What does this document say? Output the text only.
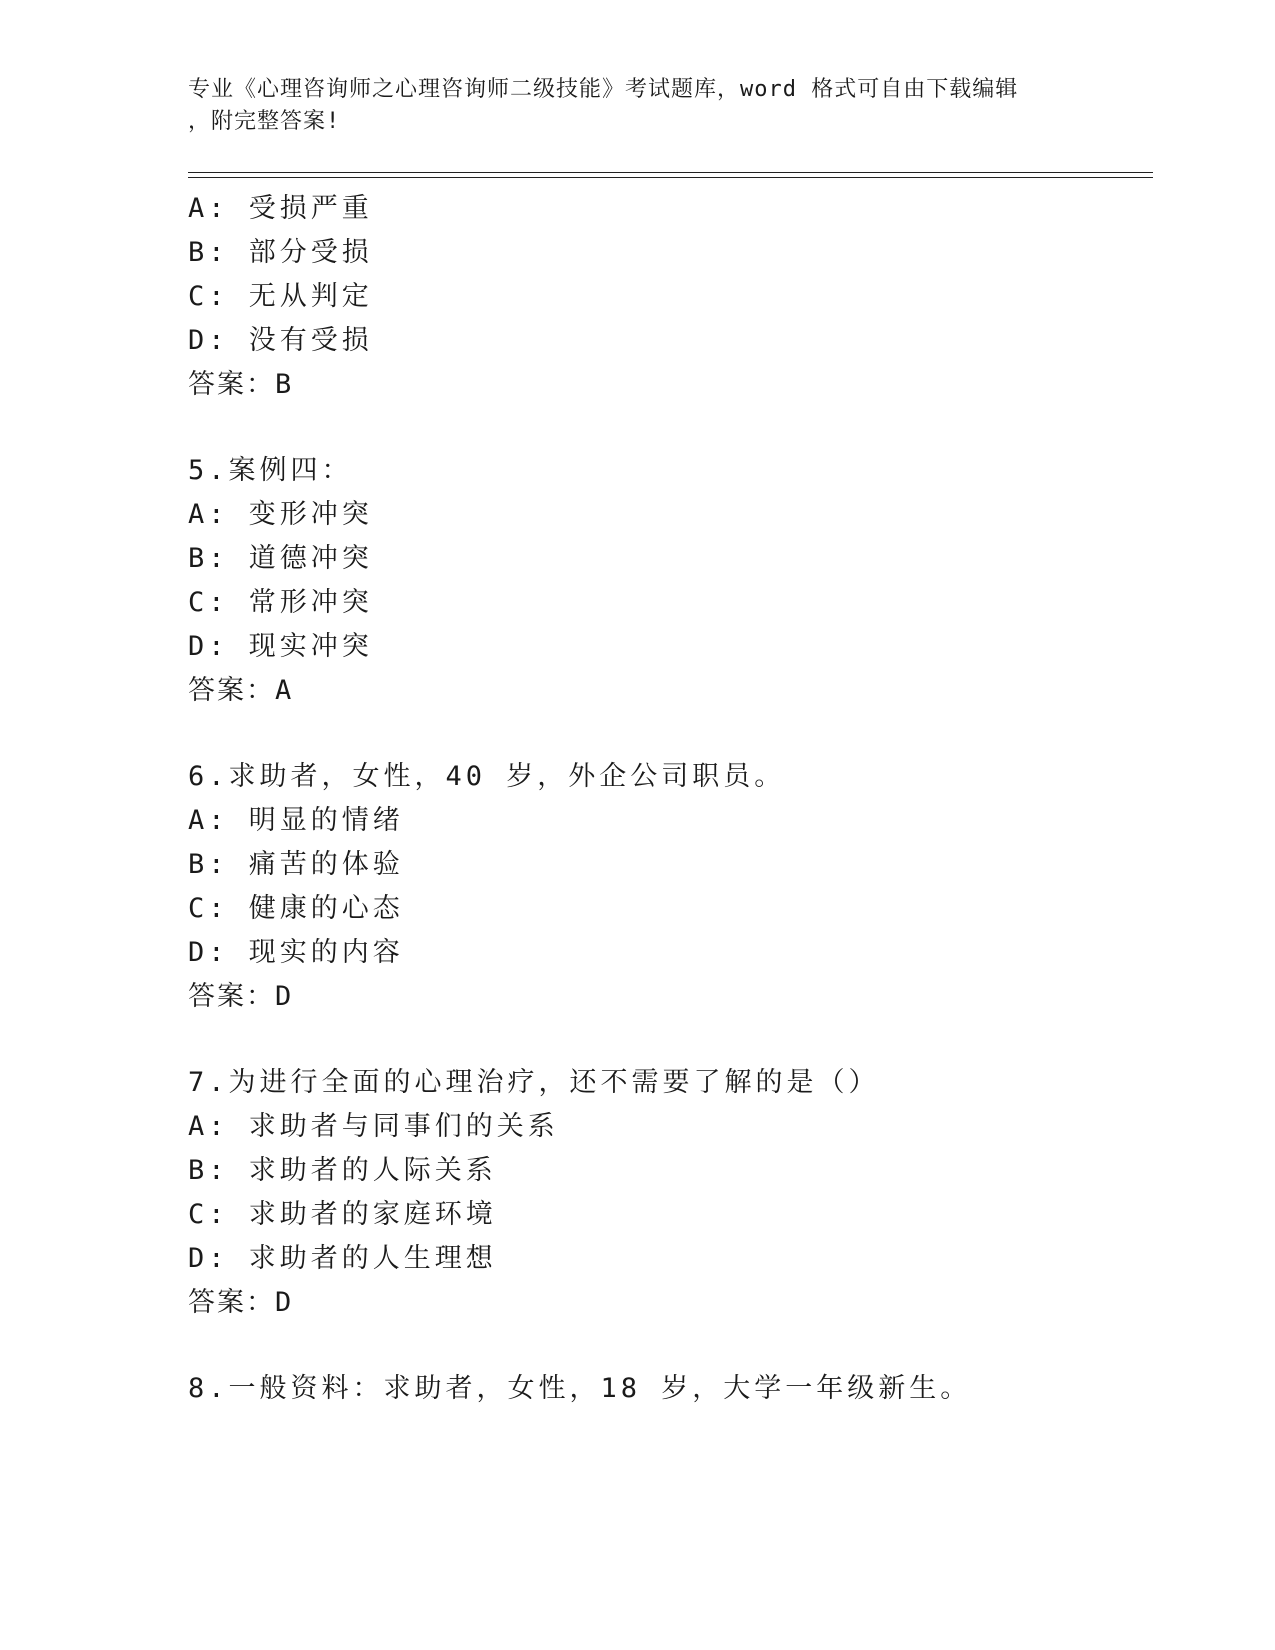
专业《心理咨询师之心理咨询师二级技能》考试题库，word 格式可自由下载编辑
，附完整答案!
A: 受损严重
B: 部分受损
C: 无从判定
D: 没有受损
答案：B
5.案例四：
A: 变形冲突
B: 道德冲突
C: 常形冲突
D: 现实冲突
答案：A
6.求助者，女性，40 岁，外企公司职员。
A: 明显的情绪
B: 痛苦的体验
C: 健康的心态
D: 现实的内容
答案：D
7.为进行全面的心理治疗，还不需要了解的是（）
A: 求助者与同事们的关系
B: 求助者的人际关系
C: 求助者的家庭环境
D: 求助者的人生理想
答案：D
8.一般资料：求助者，女性，18 岁，大学一年级新生。
